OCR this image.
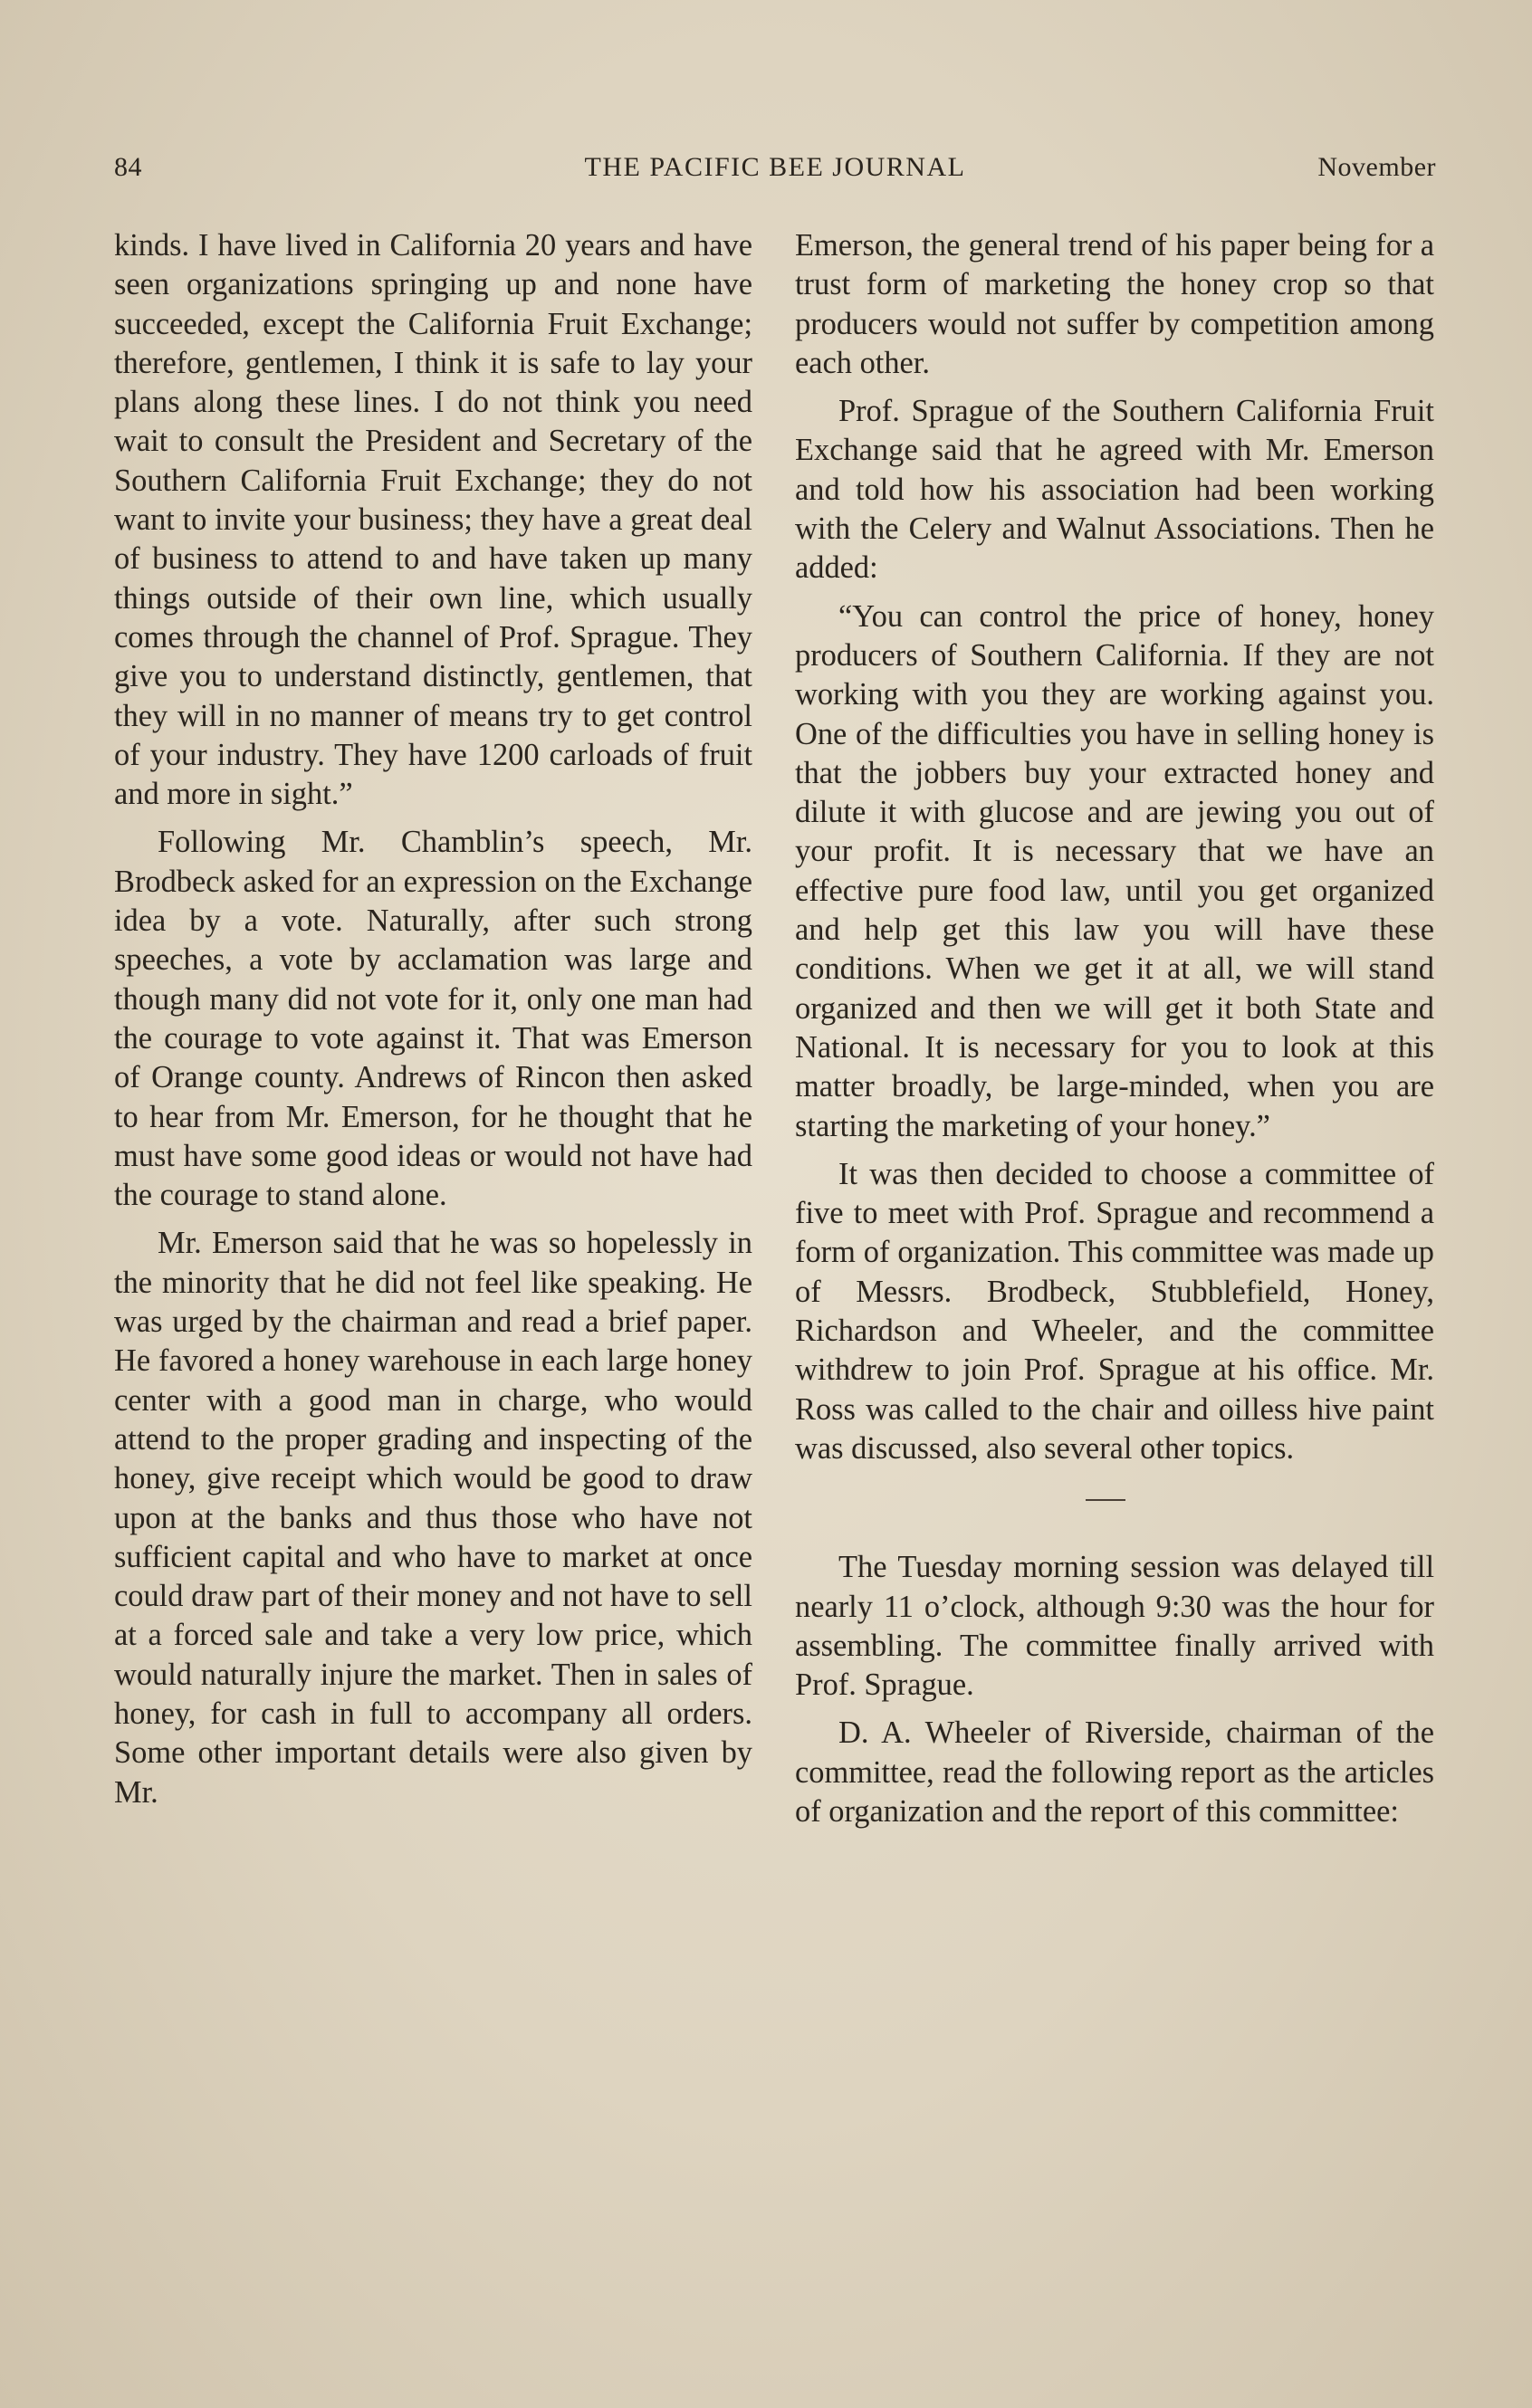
84	THE PACIFIC BEE JOURNAL	November

kinds. I have lived in California 20 years and have seen organizations springing up and none have succeeded, except the California Fruit Exchange; therefore, gentlemen, I think it is safe to lay your plans along these lines. I do not think you need wait to consult the President and Secretary of the Southern California Fruit Exchange; they do not want to invite your business; they have a great deal of business to attend to and have taken up many things outside of their own line, which usually comes through the channel of Prof. Sprague. They give you to understand distinctly, gentlemen, that they will in no manner of means try to get control of your industry. They have 1200 carloads of fruit and more in sight.”

Following Mr. Chamblin’s speech, Mr. Brodbeck asked for an expression on the Exchange idea by a vote. Naturally, after such strong speeches, a vote by acclamation was large and though many did not vote for it, only one man had the courage to vote against it. That was Emerson of Orange county. Andrews of Rincon then asked to hear from Mr. Emerson, for he thought that he must have some good ideas or would not have had the courage to stand alone.

Mr. Emerson said that he was so hopelessly in the minority that he did not feel like speaking. He was urged by the chairman and read a brief paper. He favored a honey warehouse in each large honey center with a good man in charge, who would attend to the proper grading and inspecting of the honey, give receipt which would be good to draw upon at the banks and thus those who have not sufficient capital and who have to market at once could draw part of their money and not have to sell at a forced sale and take a very low price, which would naturally injure the market. Then in sales of honey, for cash in full to accompany all orders. Some other important details were also given by Mr.

Emerson, the general trend of his paper being for a trust form of marketing the honey crop so that producers would not suffer by competition among each other.

Prof. Sprague of the Southern California Fruit Exchange said that he agreed with Mr. Emerson and told how his association had been working with the Celery and Walnut Associations. Then he added:

“You can control the price of honey, honey producers of Southern California. If they are not working with you they are working against you. One of the difficulties you have in selling honey is that the jobbers buy your extracted honey and dilute it with glucose and are jewing you out of your profit. It is necessary that we have an effective pure food law, until you get organized and help get this law you will have these conditions. When we get it at all, we will stand organized and then we will get it both State and National. It is necessary for you to look at this matter broadly, be large-minded, when you are starting the marketing of your honey.”

It was then decided to choose a committee of five to meet with Prof. Sprague and recommend a form of organization. This committee was made up of Messrs. Brodbeck, Stubblefield, Honey, Richardson and Wheeler, and the committee withdrew to join Prof. Sprague at his office. Mr. Ross was called to the chair and oilless hive paint was discussed, also several other topics.

The Tuesday morning session was delayed till nearly 11 o’clock, although 9:30 was the hour for assembling. The committee finally arrived with Prof. Sprague.

D. A. Wheeler of Riverside, chairman of the committee, read the following report as the articles of organization and the report of this committee:
